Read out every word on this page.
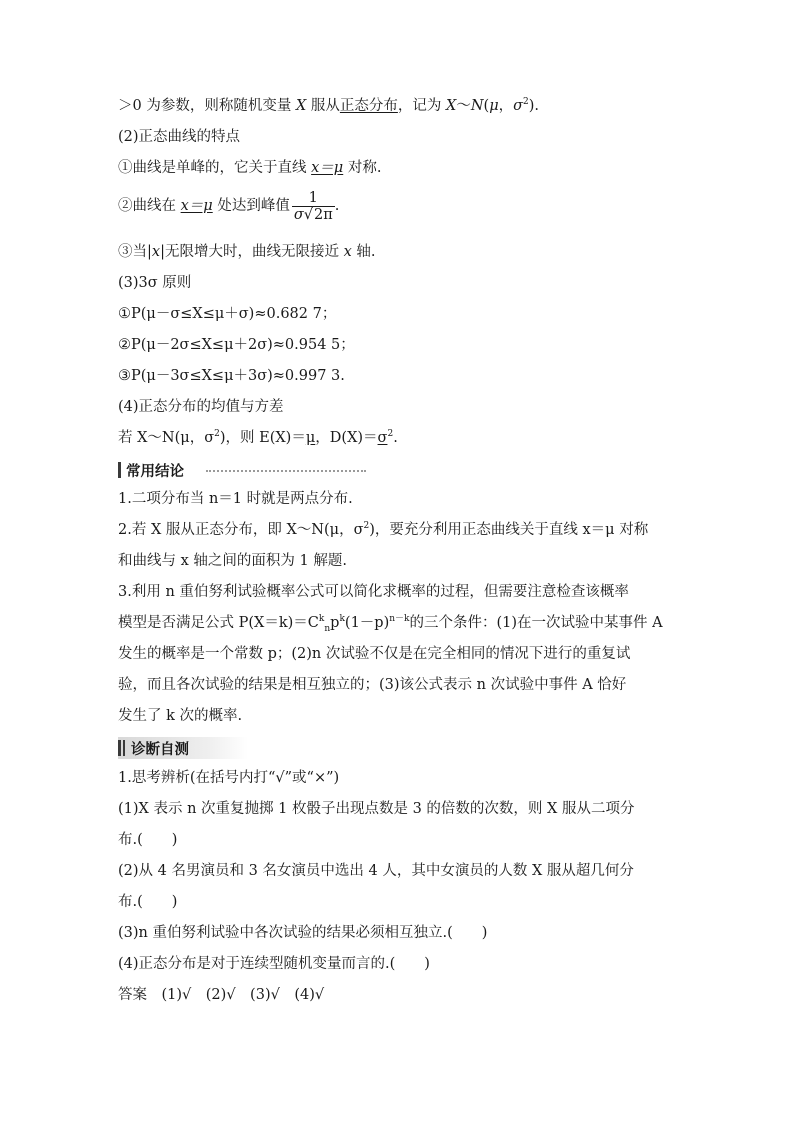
＞0 为参数，则称随机变量 X 服从正态分布，记为 X～N(μ，$\sigma^2$).
(2)正态曲线的特点
①曲线是单峰的，它关于直线 x＝μ 对称.
②曲线在 x＝μ 处达到峰值 $\frac{1}{\sigma√2\pi}$ .
③当|x|无限增大时，曲线无限接近 x 轴.
(3)3σ 原则
①P(μ－σ≤X≤μ＋σ)≈0.682 7；
②P(μ－2σ≤X≤μ＋2σ)≈0.954 5；
③P(μ－3σ≤X≤μ＋3σ)≈0.997 3.
(4)正态分布的均值与方差
若 X～N(μ，$\sigma^2$)，则 E(X)＝μ，$D(X)=\sigma^2$.
常用结论
1.二项分布当 n＝1 时就是两点分布.
2.若 X 服从正态分布，即 X～N(μ，$\sigma^2$)，要充分利用正态曲线关于直线 x＝μ 对称
和曲线与 x 轴之间的面积为 1 解题.
3.利用 n 重伯努利试验概率公式可以简化求概率的过程，但需要注意检查该概率
模型是否满足公式 $P(X=k)=C^k_np^k(1-p)^{n-k}$的三个条件：(1)在一次试验中某事件 A
发生的概率是一个常数 p；(2)n 次试验不仅是在完全相同的情况下进行的重复试
验，而且各次试验的结果是相互独立的；(3)该公式表示 n 次试验中事件 A 恰好
发生了 k 次的概率.
诊断自测
1.思考辨析(在括号内打“√”或“×”)
(1)X 表示 n 次重复抛掷 1 枚骰子出现点数是 3 的倍数的次数，则 X 服从二项分
布.(　　)
(2)从 4 名男演员和 3 名女演员中选出 4 人，其中女演员的人数 X 服从超几何分
布.(　　)
(3)n 重伯努利试验中各次试验的结果必须相互独立.(　　)
(4)正态分布是对于连续型随机变量而言的.(　　)
答案　(1)√　(2)√　(3)√　(4)√
